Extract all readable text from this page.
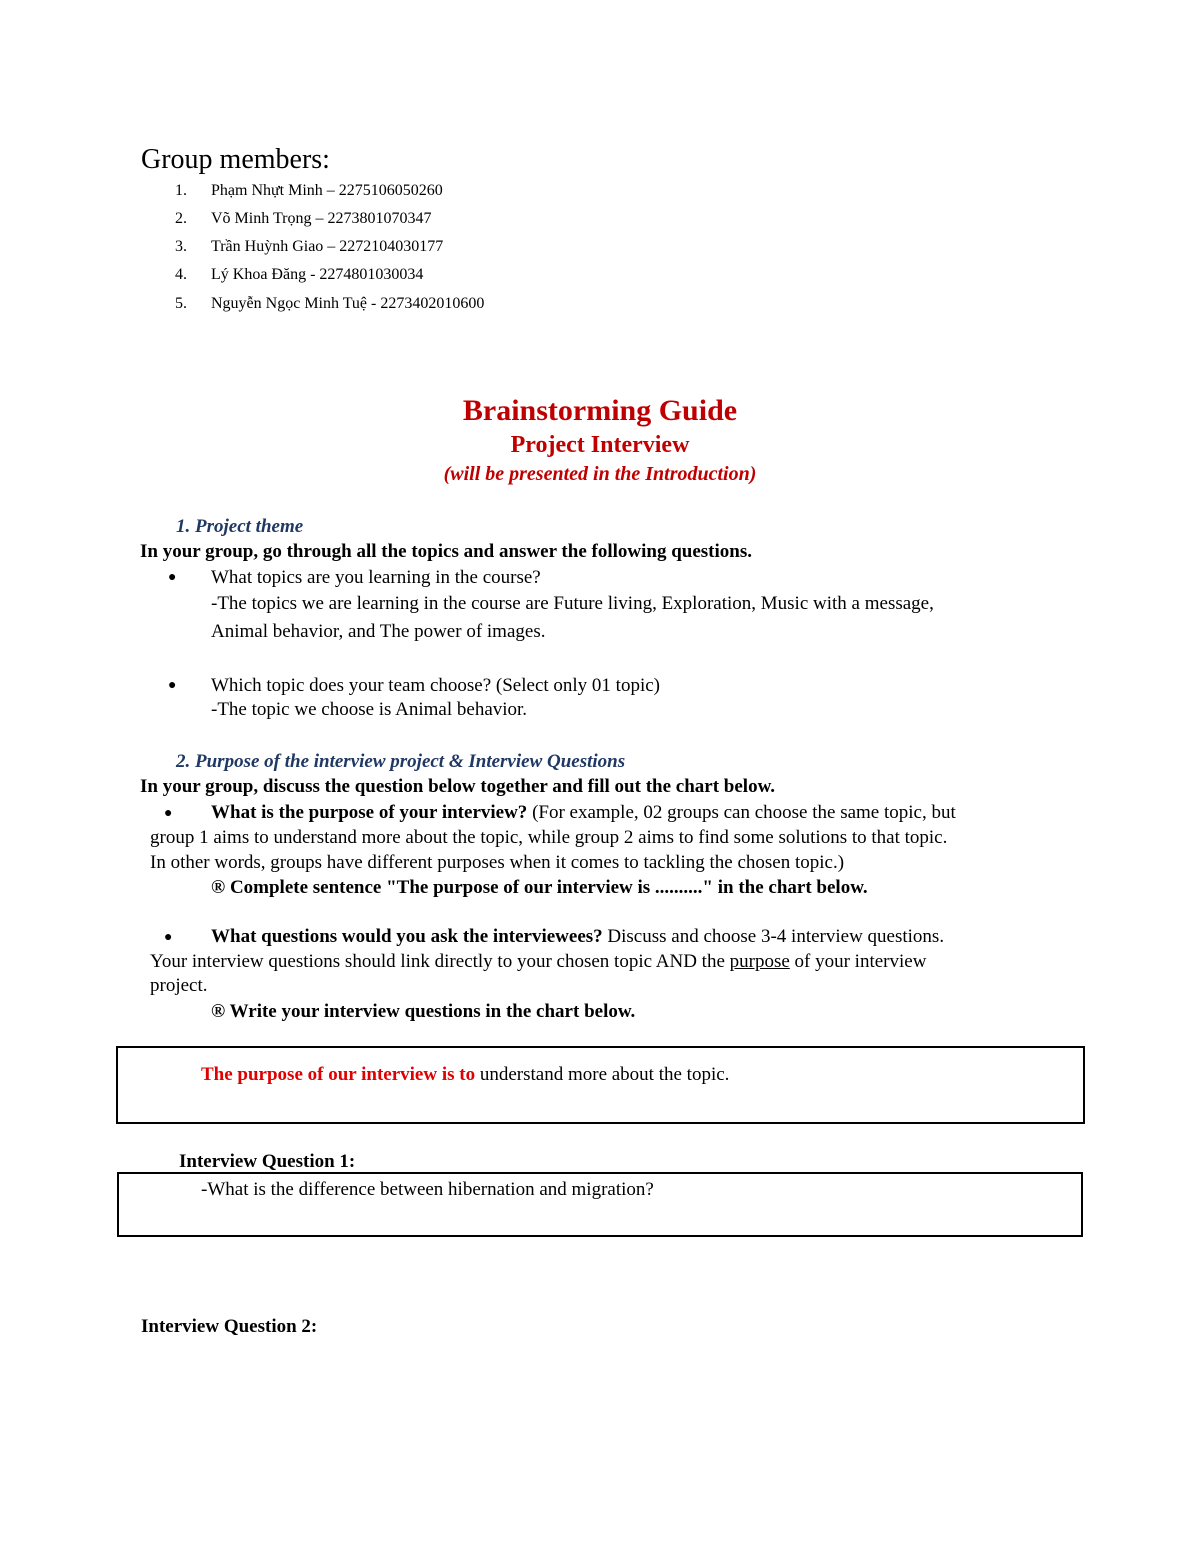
Group members:
1. Phạm Nhựt Minh – 2275106050260
2. Võ Minh Trọng – 2273801070347
3. Trần Huỳnh Giao – 2272104030177
4. Lý Khoa Đăng - 2274801030034
5. Nguyễn Ngọc Minh Tuệ - 2273402010600
Brainstorming Guide
Project Interview
(will be presented in the Introduction)
1. Project theme
In your group, go through all the topics and answer the following questions.
● What topics are you learning in the course?
-The topics we are learning in the course are Future living, Exploration, Music with a message,
Animal behavior, and The power of images.
● Which topic does your team choose? (Select only 01 topic)
-The topic we choose is Animal behavior.
2. Purpose of the interview project & Interview Questions
In your group, discuss the question below together and fill out the chart below.
● What is the purpose of your interview? (For example, 02 groups can choose the same topic, but
group 1 aims to understand more about the topic, while group 2 aims to find some solutions to that topic.
In other words, groups have different purposes when it comes to tackling the chosen topic.)
® Complete sentence "The purpose of our interview is .........." in the chart below.
● What questions would you ask the interviewees? Discuss and choose 3-4 interview questions.
Your interview questions should link directly to your chosen topic AND the purpose of your interview
project.
® Write your interview questions in the chart below.
The purpose of our interview is to understand more about the topic.
Interview Question 1:
-What is the difference between hibernation and migration?
Interview Question 2:
